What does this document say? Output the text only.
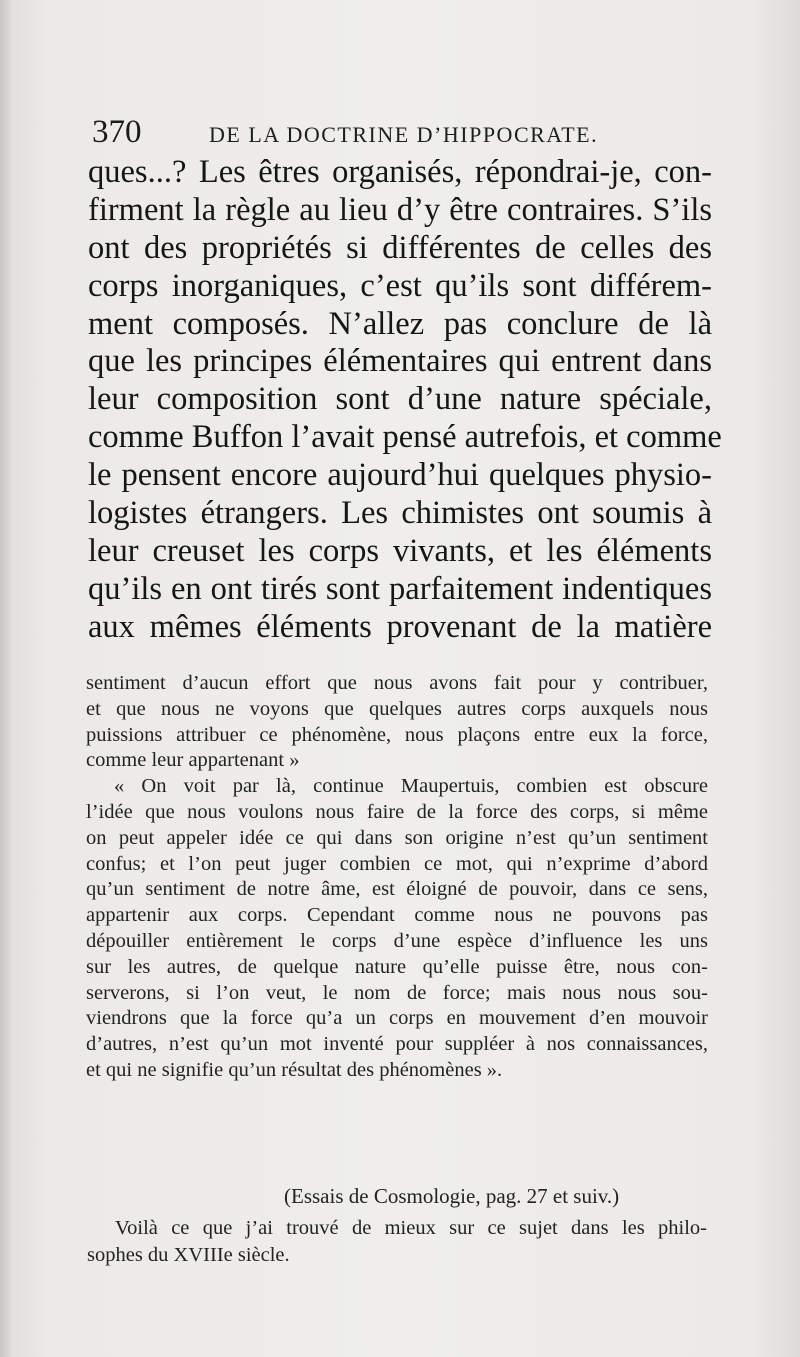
370	DE LA DOCTRINE D’HIPPOCRATE.
ques...? Les êtres organisés, répondrai-je, con-
firment la règle au lieu d’y être contraires. S’ils
ont des propriétés si différentes de celles des
corps inorganiques, c’est qu’ils sont différem-
ment composés. N’allez pas conclure de là
que les principes élémentaires qui entrent dans
leur composition sont d’une nature spéciale,
comme Buffon l’avait pensé autrefois, et comme
le pensent encore aujourd’hui quelques physio-
logistes étrangers. Les chimistes ont soumis à
leur creuset les corps vivants, et les éléments
qu’ils en ont tirés sont parfaitement indentiques
aux mêmes éléments provenant de la matière
sentiment d’aucun effort que nous avons fait pour y contribuer,
et que nous ne voyons que quelques autres corps auxquels nous
puissions attribuer ce phénomène, nous plaçons entre eux la force,
comme leur appartenant »
« On voit par là, continue Maupertuis, combien est obscure
l’idée que nous voulons nous faire de la force des corps, si même
on peut appeler idée ce qui dans son origine n’est qu’un sentiment
confus; et l’on peut juger combien ce mot, qui n’exprime d’abord
qu’un sentiment de notre âme, est éloigné de pouvoir, dans ce sens,
appartenir aux corps. Cependant comme nous ne pouvons pas
dépouiller entièrement le corps d’une espèce d’influence les uns
sur les autres, de quelque nature qu’elle puisse être, nous con-
serverons, si l’on veut, le nom de force; mais nous nous sou-
viendrons que la force qu’a un corps en mouvement d’en mouvoir
d’autres, n’est qu’un mot inventé pour suppléer à nos connaissances,
et qui ne signifie qu’un résultat des phénomènes ».
(Essais de Cosmologie, pag. 27 et suiv.)
Voilà ce que j’ai trouvé de mieux sur ce sujet dans les philo-
sophes du XVIIIe siècle.
